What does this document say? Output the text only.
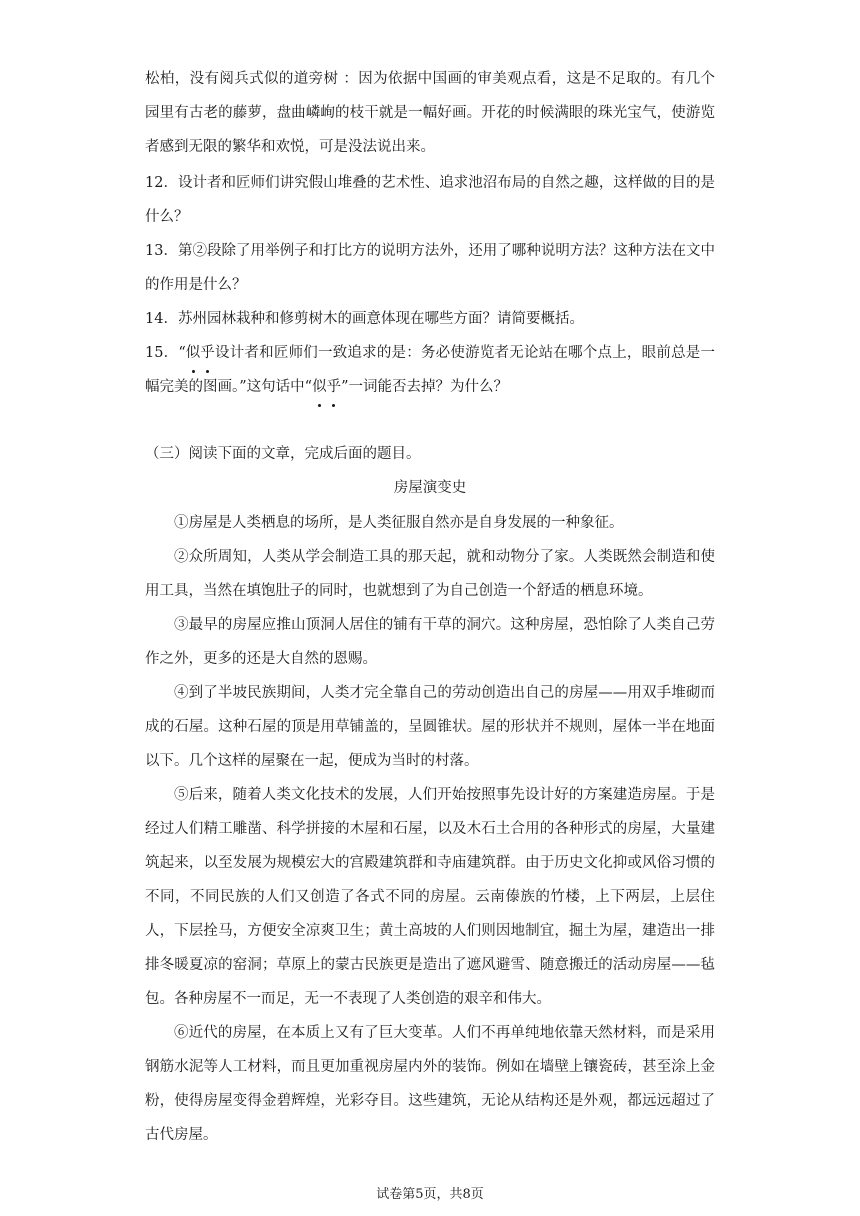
松柏，没有阅兵式似的道旁树 ：因为依据中国画的审美观点看，这是不足取的。有几个园里有古老的藤萝，盘曲嶙峋的枝干就是一幅好画。开花的时候满眼的珠光宝气，使游览者感到无限的繁华和欢悦，可是没法说出来。

12．设计者和匠师们讲究假山堆叠的艺术性、追求池沼布局的自然之趣，这样做的目的是什么？

13．第②段除了用举例子和打比方的说明方法外，还用了哪种说明方法？这种方法在文中的作用是什么？

14．苏州园林栽种和修剪树木的画意体现在哪些方面？请简要概括。

15．“似乎设计者和匠师们一致追求的是：务必使游览者无论站在哪个点上，眼前总是一幅完美的图画。”这句话中“似乎”一词能否去掉？为什么？

（三）阅读下面的文章，完成后面的题目。

房屋演变史

①房屋是人类栖息的场所，是人类征服自然亦是自身发展的一种象征。

②众所周知，人类从学会制造工具的那天起，就和动物分了家。人类既然会制造和使用工具，当然在填饱肚子的同时，也就想到了为自己创造一个舒适的栖息环境。

③最早的房屋应推山顶洞人居住的铺有干草的洞穴。这种房屋，恐怕除了人类自己劳作之外，更多的还是大自然的恩赐。

④到了半坡民族期间，人类才完全靠自己的劳动创造出自己的房屋——用双手堆砌而成的石屋。这种石屋的顶是用草铺盖的，呈圆锥状。屋的形状并不规则，屋体一半在地面以下。几个这样的屋聚在一起，便成为当时的村落。

⑤后来，随着人类文化技术的发展，人们开始按照事先设计好的方案建造房屋。于是经过人们精工雕凿、科学拼接的木屋和石屋，以及木石土合用的各种形式的房屋，大量建筑起来，以至发展为规模宏大的宫殿建筑群和寺庙建筑群。由于历史文化抑或风俗习惯的不同，不同民族的人们又创造了各式不同的房屋。云南傣族的竹楼，上下两层，上层住人，下层拴马，方便安全凉爽卫生；黄土高坡的人们则因地制宜，掘土为屋，建造出一排排冬暖夏凉的窑洞；草原上的蒙古民族更是造出了遮风避雪、随意搬迁的活动房屋——毡包。各种房屋不一而足，无一不表现了人类创造的艰辛和伟大。

⑥近代的房屋，在本质上又有了巨大变革。人们不再单纯地依靠天然材料，而是采用钢筋水泥等人工材料，而且更加重视房屋内外的装饰。例如在墙壁上镶瓷砖，甚至涂上金粉，使得房屋变得金碧辉煌，光彩夺目。这些建筑，无论从结构还是外观，都远远超过了古代房屋。

试卷第5页，共8页
